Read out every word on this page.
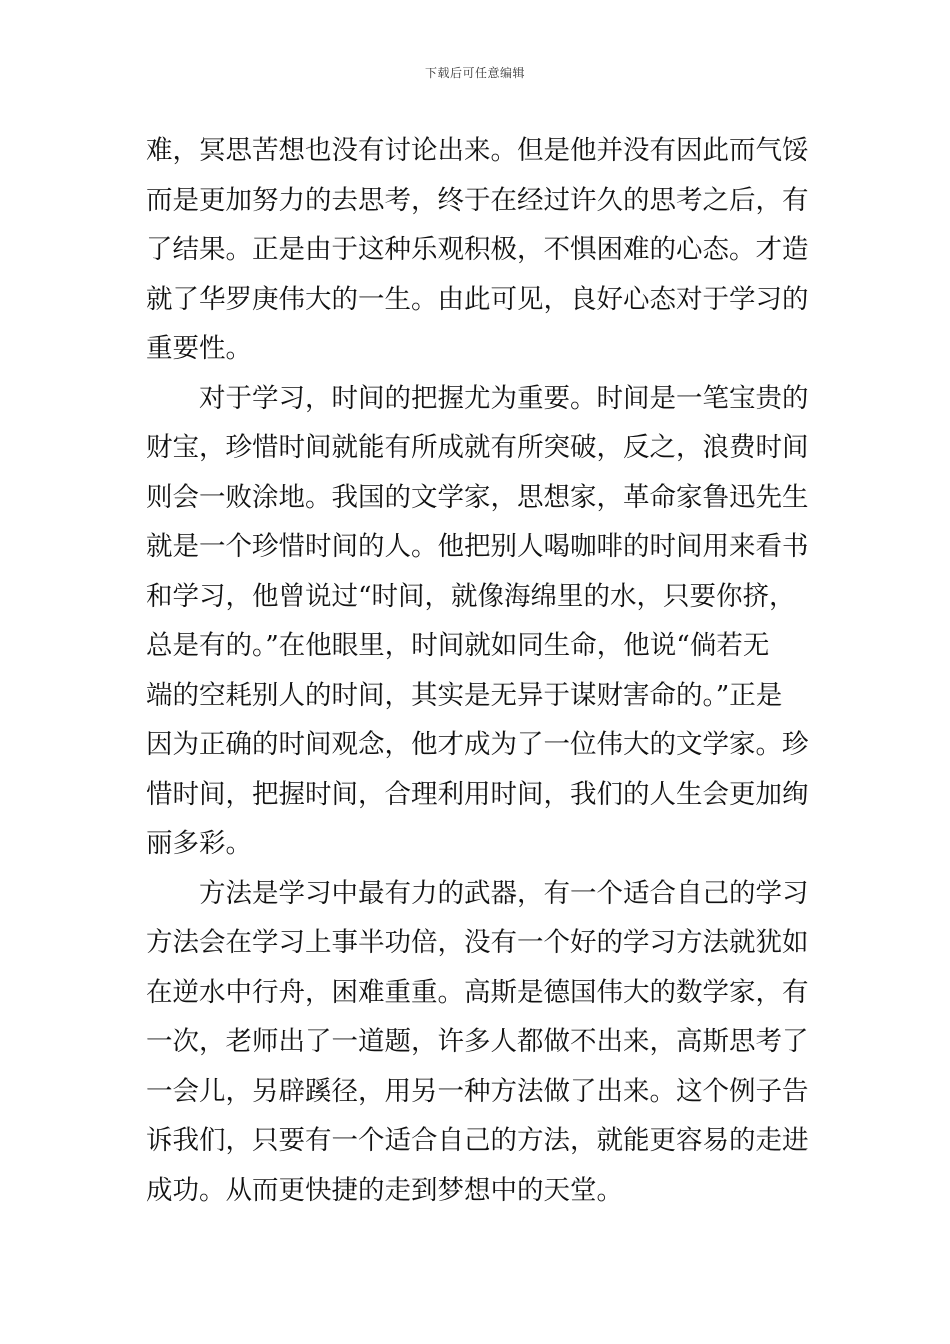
下载后可任意编辑
难，冥思苦想也没有讨论出来。但是他并没有因此而气馁
而是更加努力的去思考，终于在经过许久的思考之后，有
了结果。正是由于这种乐观积极，不惧困难的心态。才造
就了华罗庚伟大的一生。由此可见，良好心态对于学习的
重要性。
对于学习，时间的把握尤为重要。时间是一笔宝贵的
财宝，珍惜时间就能有所成就有所突破，反之，浪费时间
则会一败涂地。我国的文学家，思想家，革命家鲁迅先生
就是一个珍惜时间的人。他把别人喝咖啡的时间用来看书
和学习，他曾说过“时间，就像海绵里的水，只要你挤，
总是有的。”在他眼里，时间就如同生命，他说“倘若无
端的空耗别人的时间，其实是无异于谋财害命的。”正是
因为正确的时间观念，他才成为了一位伟大的文学家。珍
惜时间，把握时间，合理利用时间，我们的人生会更加绚
丽多彩。
方法是学习中最有力的武器，有一个适合自己的学习
方法会在学习上事半功倍，没有一个好的学习方法就犹如
在逆水中行舟，困难重重。高斯是德国伟大的数学家，有
一次，老师出了一道题，许多人都做不出来，高斯思考了
一会儿，另辟蹊径，用另一种方法做了出来。这个例子告
诉我们，只要有一个适合自己的方法，就能更容易的走进
成功。从而更快捷的走到梦想中的天堂。
